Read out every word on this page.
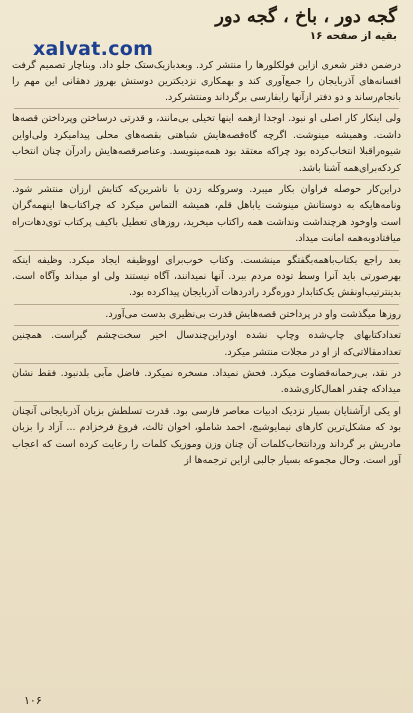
گجه دور ، باخ ، گجه دور
بقیه از صفحه ۱۶
xalvat.com

درضمن دفتر شعری ازاین فولکلورها را منتشر کرد. وبعدبازیک‌ستک جلو داد. وبناچار تصمیم گرفت افسانه‌های آذربایجان را جمع‌آوری کند و بهمکاری نزدیکترین دوستش بهروز دهقانی این مهم را بانجام‌رساند و دو دفتر ازآنها رابفارسی برگرداند ومنتشرکرد.

ولی اینکار کار اصلی او نبود. اوجدا ازهمه اینها تخیلی بی‌مانند، و قدرتی درساختن وپرداختن قصه‌ها داشت. وهمیشه مینوشت. اگرچه گاه‌قصه‌هایش شباهتی بقصه‌های محلی پیدامیکرد ولی‌اواین شیوه‌راقبلا انتخاب‌کرده بود چراکه معتقد بود همه‌مینویسد. وعناصرقصه‌هایش رادرآن چنان انتخاب کردکه‌برای‌همه آشنا باشد.

دراین‌کار حوصله فراوان بکار میبرد. وسروکله زدن با ناشرین‌که کتابش ارزان منتشر شود. ونامه‌هایکه به دوستانش مینوشت یا‌باهل قلم، همیشه التماس میکرد که چراکتاب‌ها اینهمه‌گران است واوخود هرچنداشت ونداشت همه راکتاب میخرید، روزهای تعطیل با‌کیف پرکتاب توی‌دهات‌راه میافتادوبه‌همه امانت میداد.

بعد راجع بکتاب‌باهمه‌بگفتگو مینشست. وکتاب خوب‌برای اووظیفه ایجاد میکرد. وظیفه اینکه بهرصورتی باید آنرا وسط توده مردم ببرد. آنها نمیدانند، آگاه نیستند ولی او میداند وآگاه است. بدینترتیب‌اونقش یک‌کتابدار دوره‌گرد رادردهات آذربایجان پیداکرده بود.

روزها میگذشت واو در پرداختن قصه‌هایش قدرت بی‌نظیری بدست می‌آورد.

تعدادکتابهای چاپ‌شده وچاپ نشده اودراین‌چندسال اخیر سخت‌چشم گیراست. همچنین تعدادمقالاتی‌که از او در مجلات منتشر میکرد.

در نقد، بی‌رحمانه‌قضاوت میکرد. فحش نمیداد. مسخره نمیکرد. فاضل مآبی بلدنبود. فقط نشان میدادکه چقدر اهمال‌کاری‌شده.

او یکی ازآشنایان بسیار نزدیک ادبیات معاصر فارسی بود. قدرت تسلطش بزبان آذربایجانی آنچنان بود که مشکل‌ترین کارهای نیمایوشیج، احمد شاملو، اخوان ثالث، فروغ فرخزادم ... آزاد را بزبان مادریش بر گرداند وردانتخاب‌کلمات آن چنان وزن وموزیک کلمات را رعایت کرده است که اعجاب آور است. وحال مجموعه بسیار جالبی ازاین ترجمه‌ها از

۱۰۶
